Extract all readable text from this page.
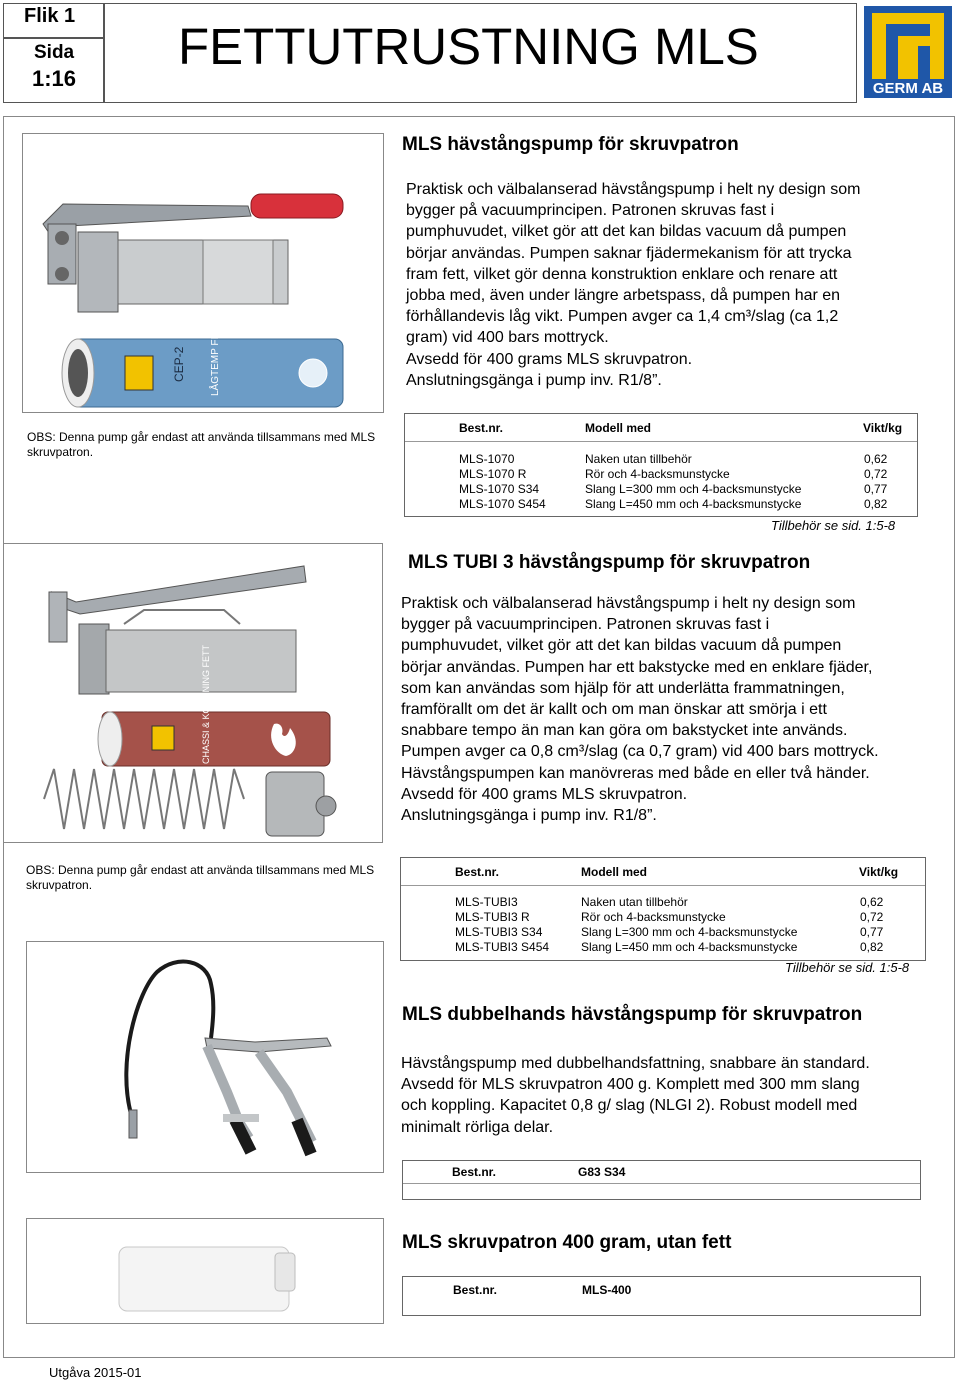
Flik 1
Sida
1:16
FETTUTRUSTNING MLS
GERM AB
CEP-2 LÅGTEMP FETT
MLS hävstångspump för skruvpatron
Praktisk och välbalanserad hävstångspump i helt ny design som
bygger på vacuumprincipen. Patronen skruvas fast i
pumphuvudet, vilket gör att det kan bildas vacuum då pumpen
börjar användas. Pumpen saknar fjädermekanism för att trycka
fram fett, vilket gör denna konstruktion enklare och renare att
jobba med, även under längre arbetspass, då pumpen har en
förhållandevis låg vikt. Pumpen avger ca 1,4 cm³/slag (ca 1,2
gram) vid 400 bars mottryck.
Avsedd för 400 grams MLS skruvpatron.
Anslutningsgänga i pump inv. R1/8”.
OBS: Denna pump går endast att använda tillsammans med MLS skruvpatron.
Best.nr.	Modell med	Vikt/kg
MLS-1070	Naken utan tillbehör	0,62
MLS-1070 R	Rör och 4-backsmunstycke	0,72
MLS-1070 S34	Slang L=300 mm och 4-backsmunstycke	0,77
MLS-1070 S454	Slang L=450 mm och 4-backsmunstycke	0,82
Tillbehör se sid. 1:5-8
CHASSI & KOGGNING FETT
MLS TUBI 3 hävstångspump för skruvpatron
Praktisk och välbalanserad hävstångspump i helt ny design som
bygger på vacuumprincipen. Patronen skruvas fast i
pumphuvudet, vilket gör att det kan bildas vacuum då pumpen
börjar användas. Pumpen har ett bakstycke med en enklare fjäder,
som kan användas som hjälp för att underlätta frammatningen,
framförallt om det är kallt och om man önskar att smörja i ett
snabbare tempo än man kan göra om bakstycket inte används.
Pumpen avger ca 0,8 cm³/slag (ca 0,7 gram) vid 400 bars mottryck.
Hävstångspumpen kan manövreras med både en eller två händer.
Avsedd för 400 grams MLS skruvpatron.
Anslutningsgänga i pump inv. R1/8”.
OBS: Denna pump går endast att använda tillsammans med MLS skruvpatron.
Best.nr.	Modell med	Vikt/kg
MLS-TUBI3	Naken utan tillbehör	0,62
MLS-TUBI3 R	Rör och 4-backsmunstycke	0,72
MLS-TUBI3 S34	Slang L=300 mm och 4-backsmunstycke	0,77
MLS-TUBI3 S454	Slang L=450 mm och 4-backsmunstycke	0,82
Tillbehör se sid. 1:5-8
MLS dubbelhands hävstångspump för skruvpatron
Hävstångspump med dubbelhandsfattning, snabbare än standard.
Avsedd för MLS skruvpatron 400 g. Komplett med 300 mm slang
och koppling. Kapacitet 0,8 g/ slag (NLGI 2). Robust modell med
minimalt rörliga delar.
Best.nr.	G83 S34
MLS skruvpatron 400 gram, utan fett
Best.nr.	MLS-400
Utgåva 2015-01
